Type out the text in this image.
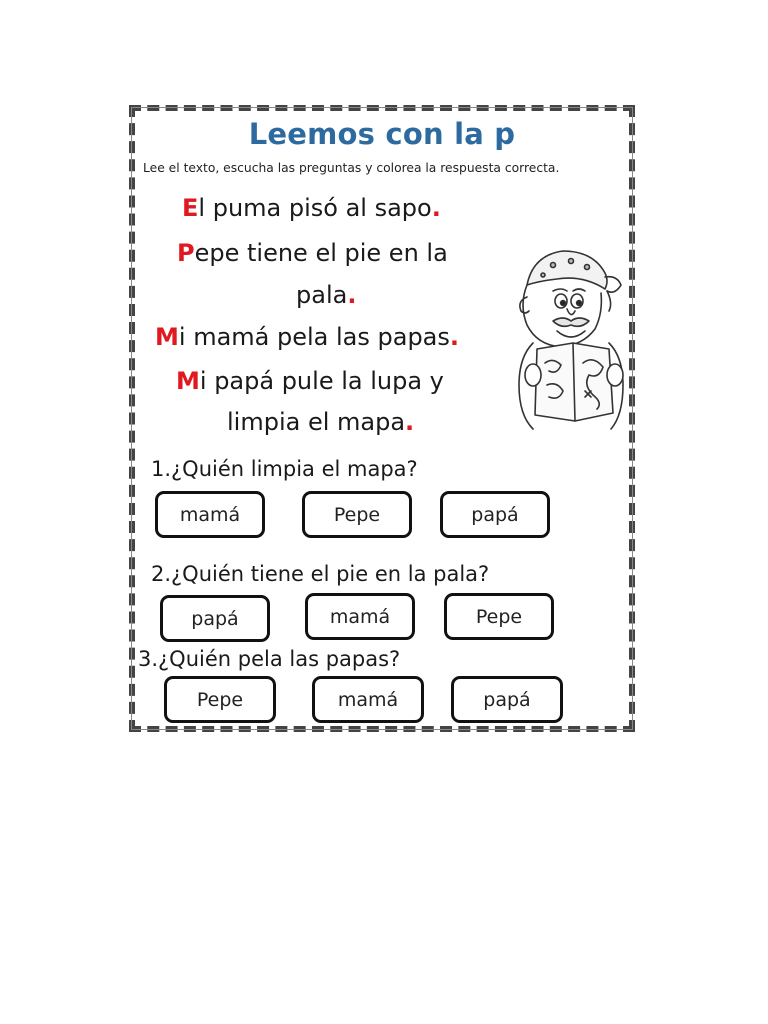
Leemos con la p
Lee el texto, escucha las preguntas y colorea la respuesta correcta.
El puma pisó al sapo.
Pepe tiene el pie en la
pala.
Mi mamá pela las papas.
Mi papá pule la lupa y
limpia el mapa.
1.¿Quién limpia el mapa?
mamá	Pepe	papá
2.¿Quién tiene el pie en la pala?
papá	mamá	Pepe
3.¿Quién pela las papas?
Pepe	mamá	papá
